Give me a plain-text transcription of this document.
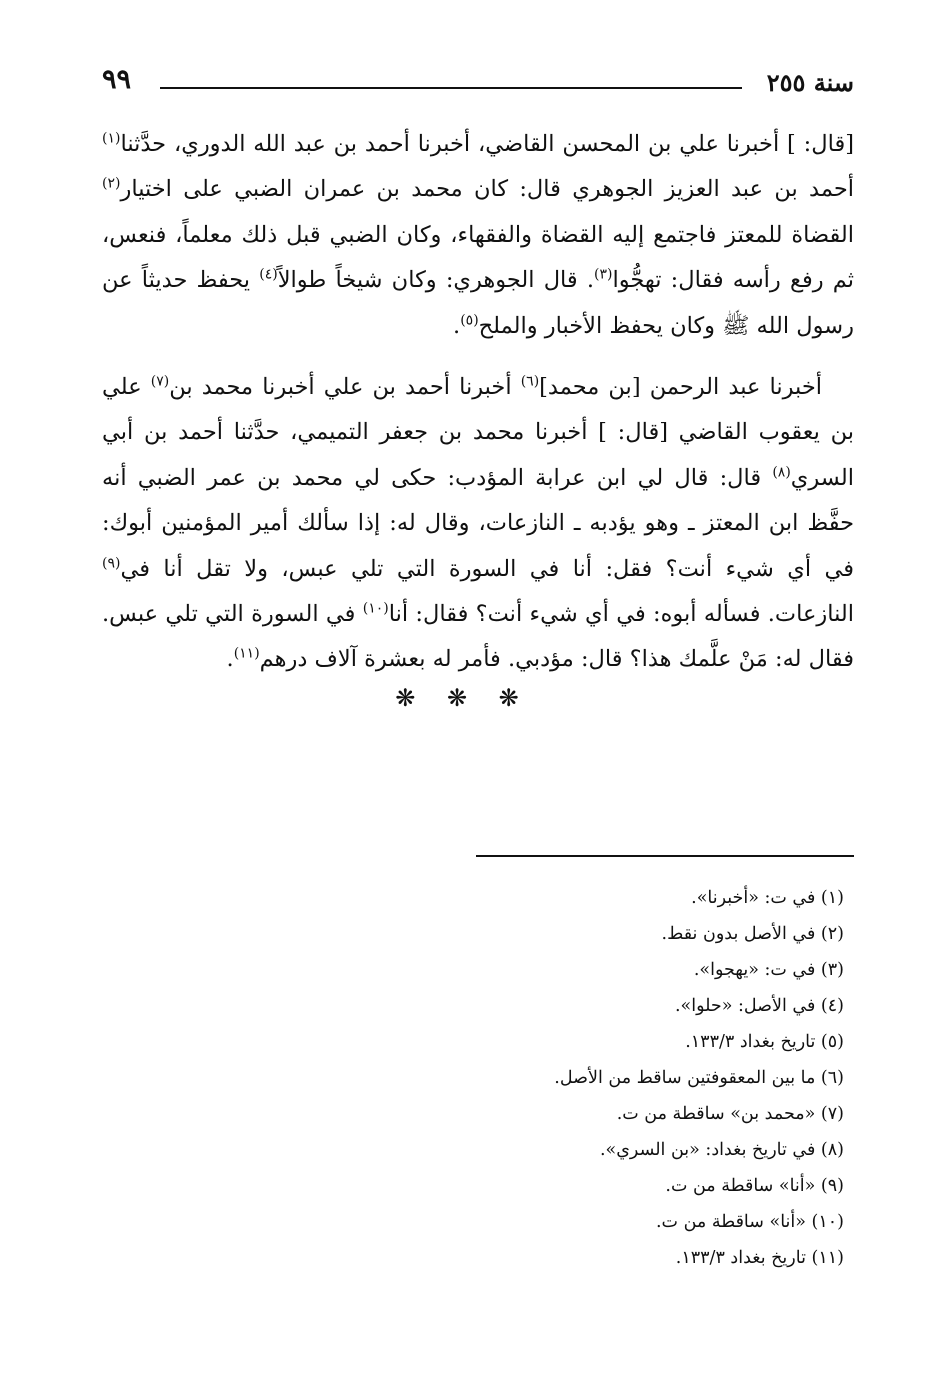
سنة ٢٥٥
٩٩

[قال: ] أخبرنا علي بن المحسن القاضي، أخبرنا أحمد بن عبد الله الدوري، حدَّثنا$^{(١)}$ أحمد بن عبد العزيز الجوهري قال: كان محمد بن عمران الضبي على اختيار$^{(٢)}$ القضاة للمعتز فاجتمع إليه القضاة والفقهاء، وكان الضبي قبل ذلك معلماً، فنعس، ثم رفع رأسه فقال: تهجُّوا$^{(٣)}$. قال الجوهري: وكان شيخاً طوالاً$^{(٤)}$ يحفظ حديثاً عن رسول الله ﷺ وكان يحفظ الأخبار والملح$^{(٥)}$.

أخبرنا عبد الرحمن [بن محمد]$^{(٦)}$ أخبرنا أحمد بن علي أخبرنا محمد بن$^{(٧)}$ علي بن يعقوب القاضي [قال: ] أخبرنا محمد بن جعفر التميمي، حدَّثنا أحمد بن أبي السري$^{(٨)}$ قال: قال لي ابن عرابة المؤدب: حكى لي محمد بن عمر الضبي أنه حفَّظ ابن المعتز ـ وهو يؤدبه ـ النازعات، وقال له: إذا سألك أمير المؤمنين أبوك: في أي شيء أنت؟ فقل: أنا في السورة التي تلي عبس، ولا تقل أنا في$^{(٩)}$ النازعات. فسأله أبوه: في أي شيء أنت؟ فقال: أنا$^{(١٠)}$ في السورة التي تلي عبس. فقال له: مَنْ علَّمك هذا؟ قال: مؤدبي. فأمر له بعشرة آلاف درهم$^{(١١)}$.

❋ ❋ ❋
(١) في ت: «أخبرنا».
(٢) في الأصل بدون نقط.
(٣) في ت: «يهجوا».
(٤) في الأصل: «حلوا».
(٥) تاريخ بغداد ١٣٣/٣.
(٦) ما بين المعقوفتين ساقط من الأصل.
(٧) «محمد بن» ساقطة من ت.
(٨) في تاريخ بغداد: «بن السري».
(٩) «أنا» ساقطة من ت.
(١٠) «أنا» ساقطة من ت.
(١١) تاريخ بغداد ١٣٣/٣.
